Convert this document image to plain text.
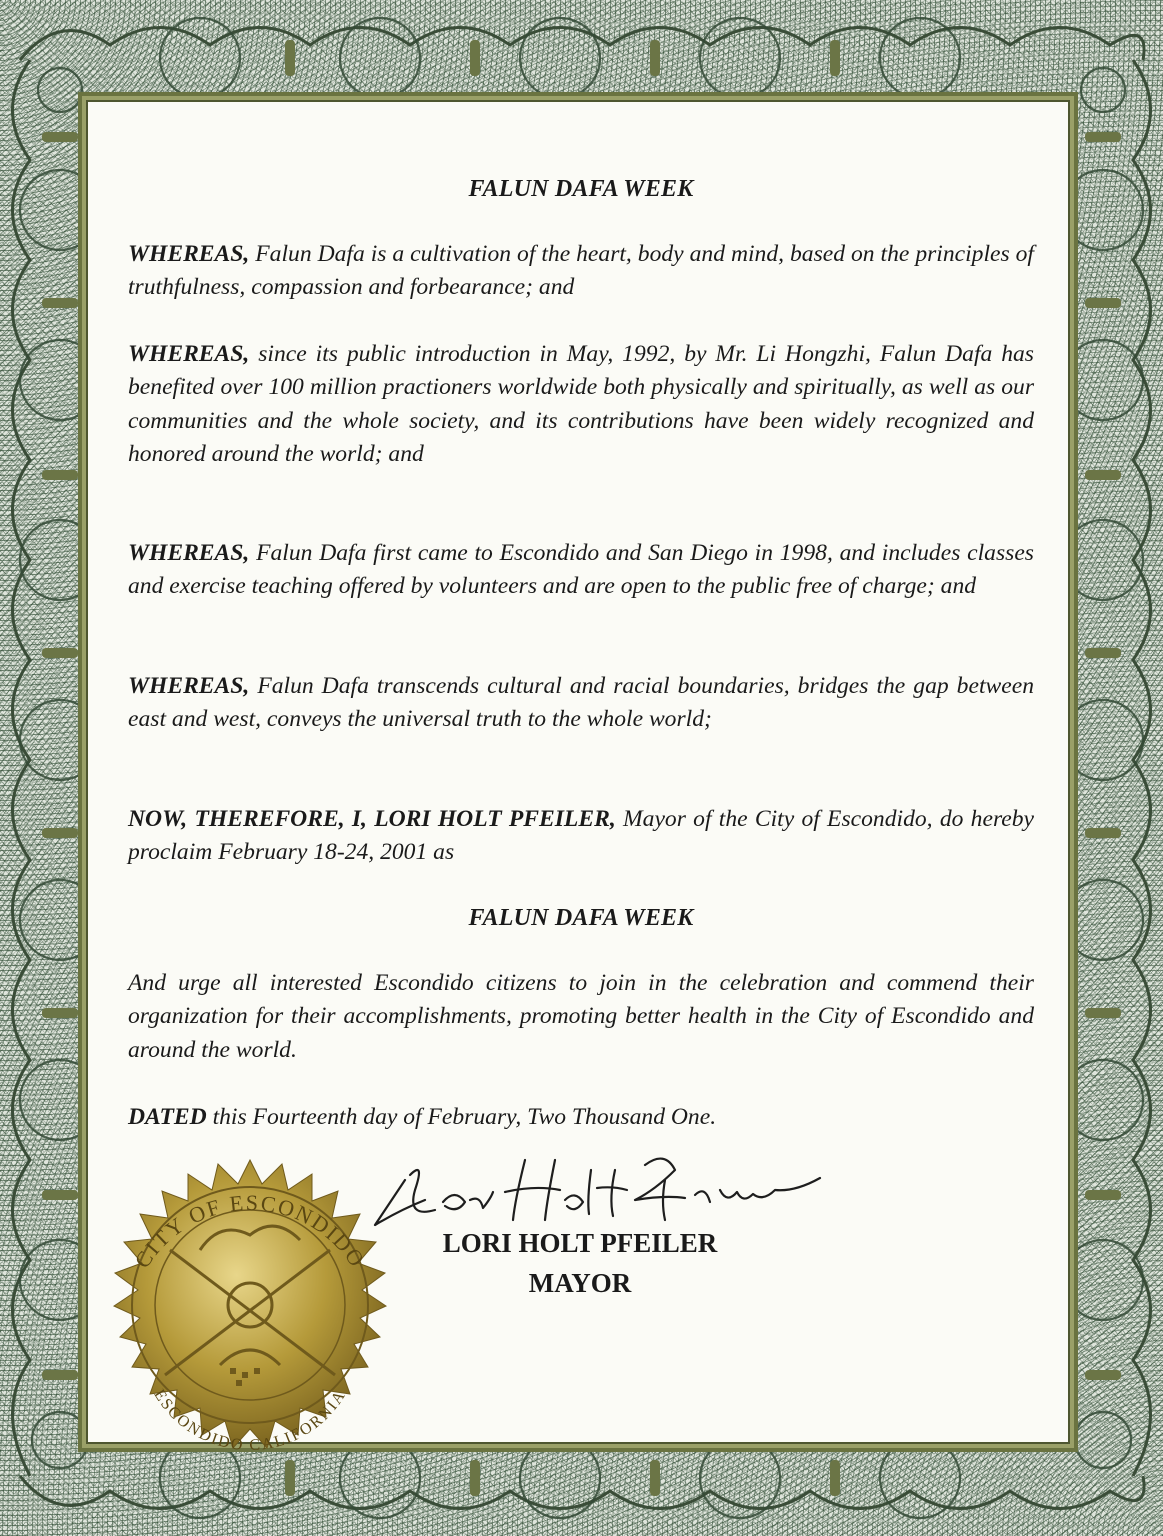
FALUN DAFA WEEK

WHEREAS, Falun Dafa is a cultivation of the heart, body and mind, based on the principles of truthfulness, compassion and forbearance; and

WHEREAS, since its public introduction in May, 1992, by Mr. Li Hongzhi, Falun Dafa has benefited over 100 million practioners worldwide both physically and spiritually, as well as our communities and the whole society, and its contributions have been widely recognized and honored around the world; and

WHEREAS, Falun Dafa first came to Escondido and San Diego in 1998, and includes classes and exercise teaching offered by volunteers and are open to the public free of charge; and

WHEREAS, Falun Dafa transcends cultural and racial boundaries, bridges the gap between east and west, conveys the universal truth to the whole world;

NOW, THEREFORE, I, LORI HOLT PFEILER, Mayor of the City of Escondido, do hereby proclaim February 18-24, 2001 as

FALUN DAFA WEEK

And urge all interested Escondido citizens to join in the celebration and commend their organization for their accomplishments, promoting better health in the City of Escondido and around the world.

DATED this Fourteenth day of February, Two Thousand One.

CITY OF ESCONDIDO
ESCONDIDO CALIFORNIA
LORI HOLT PFEILER
MAYOR
